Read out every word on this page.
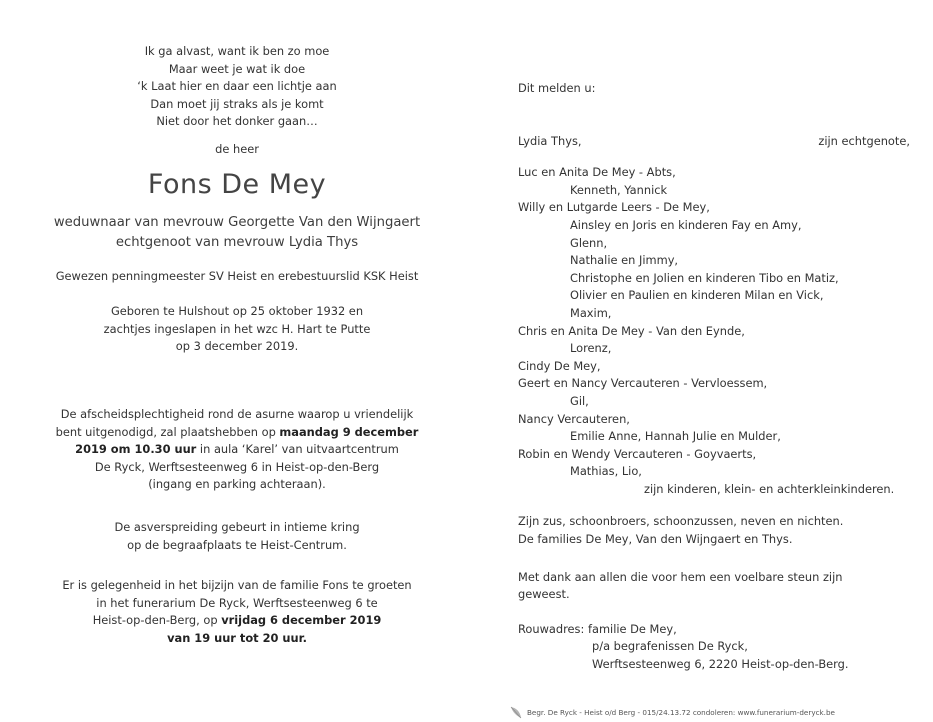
Ik ga alvast, want ik ben zo moe

Maar weet je wat ik doe

‘k Laat hier en daar een lichtje aan

Dan moet jij straks als je komt

Niet door het donker gaan…

de heer

Fons De Mey

weduwnaar van mevrouw Georgette Van den Wijngaert

echtgenoot van mevrouw Lydia Thys

Gewezen penningmeester SV Heist en erebestuurslid KSK Heist

Geboren te Hulshout op 25 oktober 1932 en

zachtjes ingeslapen in het wzc H. Hart te Putte

op 3 december 2019.

De afscheidsplechtigheid rond de asurne waarop u vriendelijk

bent uitgenodigd, zal plaatshebben op maandag 9 december

2019 om 10.30 uur in aula ‘Karel’ van uitvaartcentrum

De Ryck, Werftsesteenweg 6 in Heist-op-den-Berg

(ingang en parking achteraan).

De asverspreiding gebeurt in intieme kring

op de begraafplaats te Heist-Centrum.

Er is gelegenheid in het bijzijn van de familie Fons te groeten

in het funerarium De Ryck, Werftsesteenweg 6 te

Heist-op-den-Berg, op vrijdag 6 december 2019

van 19 uur tot 20 uur.

Dit melden u:

Lydia Thys,	zijn echtgenote,

Luc en Anita De Mey - Abts,

Kenneth, Yannick

Willy en Lutgarde Leers - De Mey,

Ainsley en Joris en kinderen Fay en Amy,

Glenn,

Nathalie en Jimmy,

Christophe en Jolien en kinderen Tibo en Matiz,

Olivier en Paulien en kinderen Milan en Vick,

Maxim,

Chris en Anita De Mey - Van den Eynde,

Lorenz,

Cindy De Mey,

Geert en Nancy Vercauteren - Vervloessem,

Gil,

Nancy Vercauteren,

Emilie Anne, Hannah Julie en Mulder,

Robin en Wendy Vercauteren - Goyvaerts,

Mathias, Lio,

zijn kinderen, klein- en achterkleinkinderen.

Zijn zus, schoonbroers, schoonzussen, neven en nichten.

De families De Mey, Van den Wijngaert en Thys.

Met dank aan allen die voor hem een voelbare steun zijn

geweest.

Rouwadres: familie De Mey,

p/a begrafenissen De Ryck,

Werftsesteenweg 6, 2220 Heist-op-den-Berg.

Begr. De Ryck - Heist o/d Berg - 015/24.13.72 condoleren: www.funerarium-deryck.be
